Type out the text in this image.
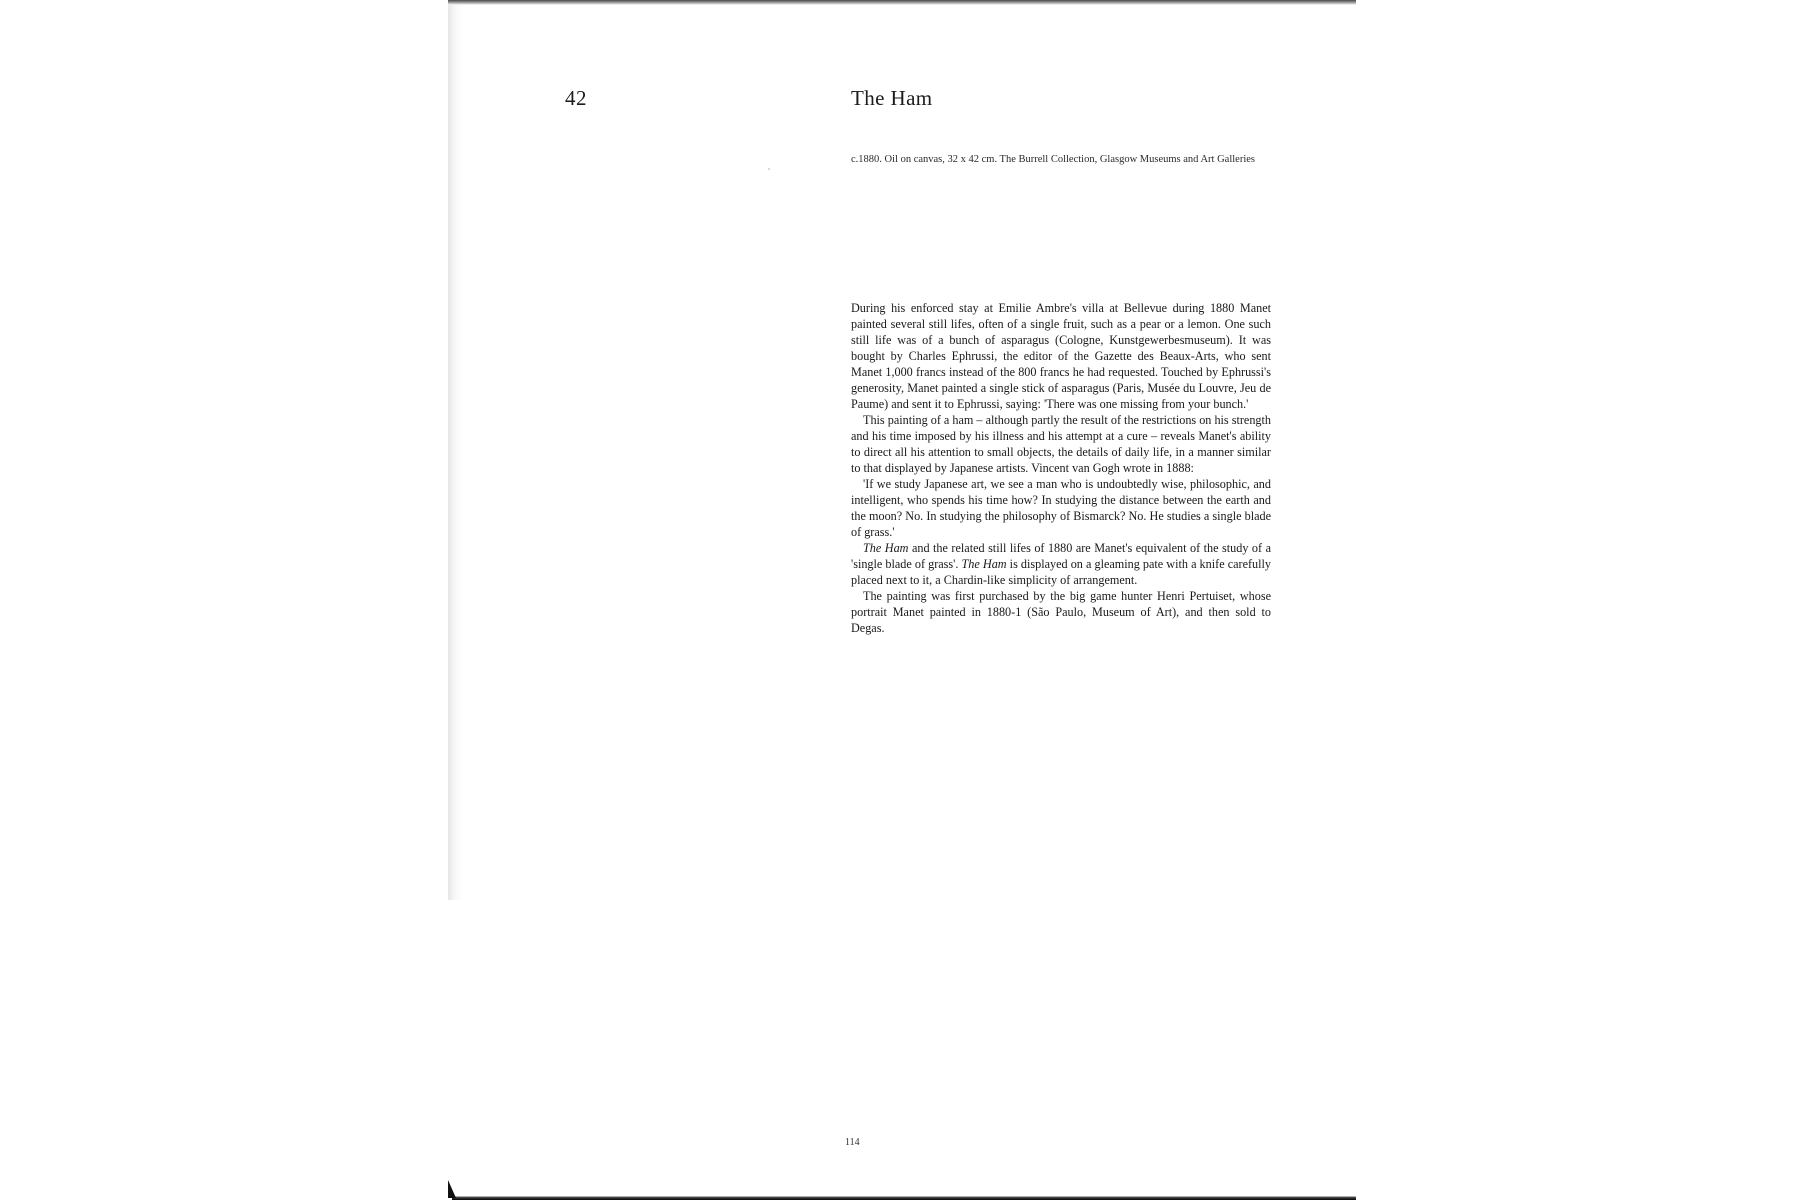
42	The Ham
c.1880. Oil on canvas, 32 x 42 cm. The Burrell Collection, Glasgow Museums and Art Galleries

During his enforced stay at Emilie Ambre's villa at Bellevue during 1880 Manet painted several still lifes, often of a single fruit, such as a pear or a lemon. One such still life was of a bunch of asparagus (Cologne, Kunstgewerbesmuseum). It was bought by Charles Ephrussi, the editor of the Gazette des Beaux-Arts, who sent Manet 1,000 francs instead of the 800 francs he had requested. Touched by Ephrussi's generosity, Manet painted a single stick of asparagus (Paris, Musée du Louvre, Jeu de Paume) and sent it to Ephrussi, saying: 'There was one missing from your bunch.'

This painting of a ham – although partly the result of the restrictions on his strength and his time imposed by his illness and his attempt at a cure – reveals Manet's ability to direct all his attention to small objects, the details of daily life, in a manner similar to that displayed by Japanese artists. Vincent van Gogh wrote in 1888:

'If we study Japanese art, we see a man who is undoubtedly wise, philosophic, and intelligent, who spends his time how? In studying the distance between the earth and the moon? No. In studying the philosophy of Bismarck? No. He studies a single blade of grass.'

The Ham and the related still lifes of 1880 are Manet's equivalent of the study of a 'single blade of grass'. The Ham is displayed on a gleaming pate with a knife carefully placed next to it, a Chardin-like simplicity of arrangement.

The painting was first purchased by the big game hunter Henri Pertuiset, whose portrait Manet painted in 1880-1 (São Paulo, Museum of Art), and then sold to Degas.

114
